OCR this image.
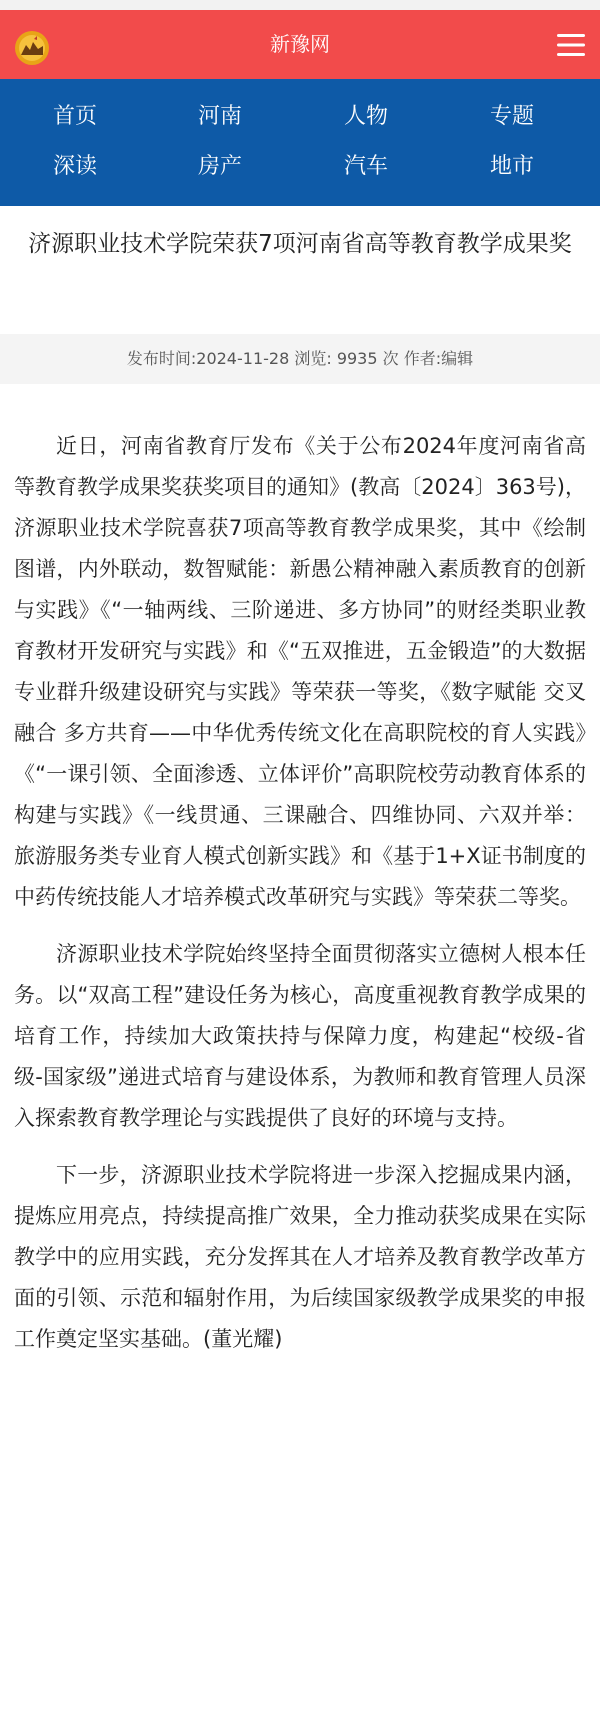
新豫网
首页	河南	人物	专题
深读	房产	汽车	地市
济源职业技术学院荣获7项河南省高等教育教学成果奖
发布时间:2024-11-28 浏览: 9935 次 作者:编辑

近日，河南省教育厅发布《关于公布2024年度河南省高等教育教学成果奖获奖项目的通知》(教高〔2024〕363号)，济源职业技术学院喜获7项高等教育教学成果奖，其中《绘制图谱，内外联动，数智赋能：新愚公精神融入素质教育的创新与实践》《“一轴两线、三阶递进、多方协同”的财经类职业教育教材开发研究与实践》和《“五双推进，五金锻造”的大数据专业群升级建设研究与实践》等荣获一等奖，《数字赋能 交叉融合 多方共育——中华优秀传统文化在高职院校的育人实践》《“一课引领、全面渗透、立体评价”高职院校劳动教育体系的构建与实践》《一线贯通、三课融合、四维协同、六双并举：旅游服务类专业育人模式创新实践》和《基于1+X证书制度的中药传统技能人才培养模式改革研究与实践》等荣获二等奖。

济源职业技术学院始终坚持全面贯彻落实立德树人根本任务。以“双高工程”建设任务为核心，高度重视教育教学成果的培育工作，持续加大政策扶持与保障力度，构建起“校级-省级-国家级”递进式培育与建设体系，为教师和教育管理人员深入探索教育教学理论与实践提供了良好的环境与支持。

下一步，济源职业技术学院将进一步深入挖掘成果内涵，提炼应用亮点，持续提高推广效果，全力推动获奖成果在实际教学中的应用实践，充分发挥其在人才培养及教育教学改革方面的引领、示范和辐射作用，为后续国家级教学成果奖的申报工作奠定坚实基础。(董光耀)
